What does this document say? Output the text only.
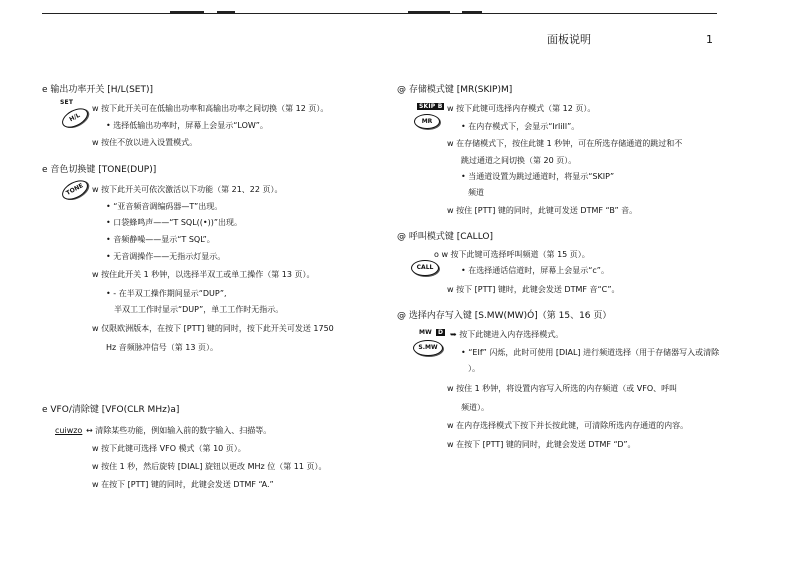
面板说明	1
e 输出功率开关 [H/L(SET)]
SET
H/L
w 按下此开关可在低输出功率和高输出功率之间切换（第 12 页）。
• 选择低输出功率时，屏幕上会显示“LOW”。
w 按住不放以进入设置模式。
e 音色切换键 [TONE(DUP)]
TONE w 按下此开关可依次激活以下功能（第 21、22 页）。
• “亚音频音调编码器—T”出现。
• 口袋蜂鸣声——“T SQL((•))”出现。
• 音频静噪——显示“T SQL”。
• 无音调操作——无指示灯显示。
w 按住此开关 1 秒钟，以选择半双工或单工操作（第 13 页）。
• - 在半双工操作期间显示“DUP”,
半双工工作时显示“DUP”，单工工作时无指示。
w 仅限欧洲版本，在按下 [PTT] 键的同时，按下此开关可发送 1750
Hz 音频脉冲信号（第 13 页）。
e VFO/清除键 [VFO(CLR MHz)a]
cuiwzo ↔ 清除某些功能，例如输入前的数字输入、扫描等。
w 按下此键可选择 VFO 模式（第 10 页）。
w 按住 1 秒，然后旋转 [DIAL] 旋钮以更改 MHz 位（第 11 页）。
w 在按下 [PTT] 键的同时，此键会发送 DTMF “A.”
@ 存储模式键 [MR(SKIP)M]
SKIP B
MR
w 按下此键可选择内存模式（第 12 页）。
• 在内存模式下，会显示“IrliIl”。
w 在存储模式下，按住此键 1 秒钟，可在所选存储通道的跳过和不
跳过通道之间切换（第 20 页）。
• 当通道设置为跳过通道时，将显示“SKIP”
频道
w 按住 [PTT] 键的同时，此键可发送 DTMF “B” 音。
@ 呼叫模式键 [CALLO]
CALL
o w 按下此键可选择呼叫频道（第 15 页）。
• 在选择通话信道时，屏幕上会显示“c”。
w 按下 [PTT] 键时，此键会发送 DTMF 音“C”。
@ 选择内存写入键 [S.MW(MW)Ó]（第 15、16 页）
MW	D
S.MW
➥ 按下此键进入内存选择模式。
• “EIf” 闪烁，此时可使用 [DIAL] 进行频道选择（用于存储器写入或清除
）。
w 按住 1 秒钟，将设置内容写入所选的内存频道（或 VFO、呼叫
频道）。
w 在内存选择模式下按下并长按此键，可清除所选内存通道的内容。
w 在按下 [PTT] 键的同时，此键会发送 DTMF “D”。
